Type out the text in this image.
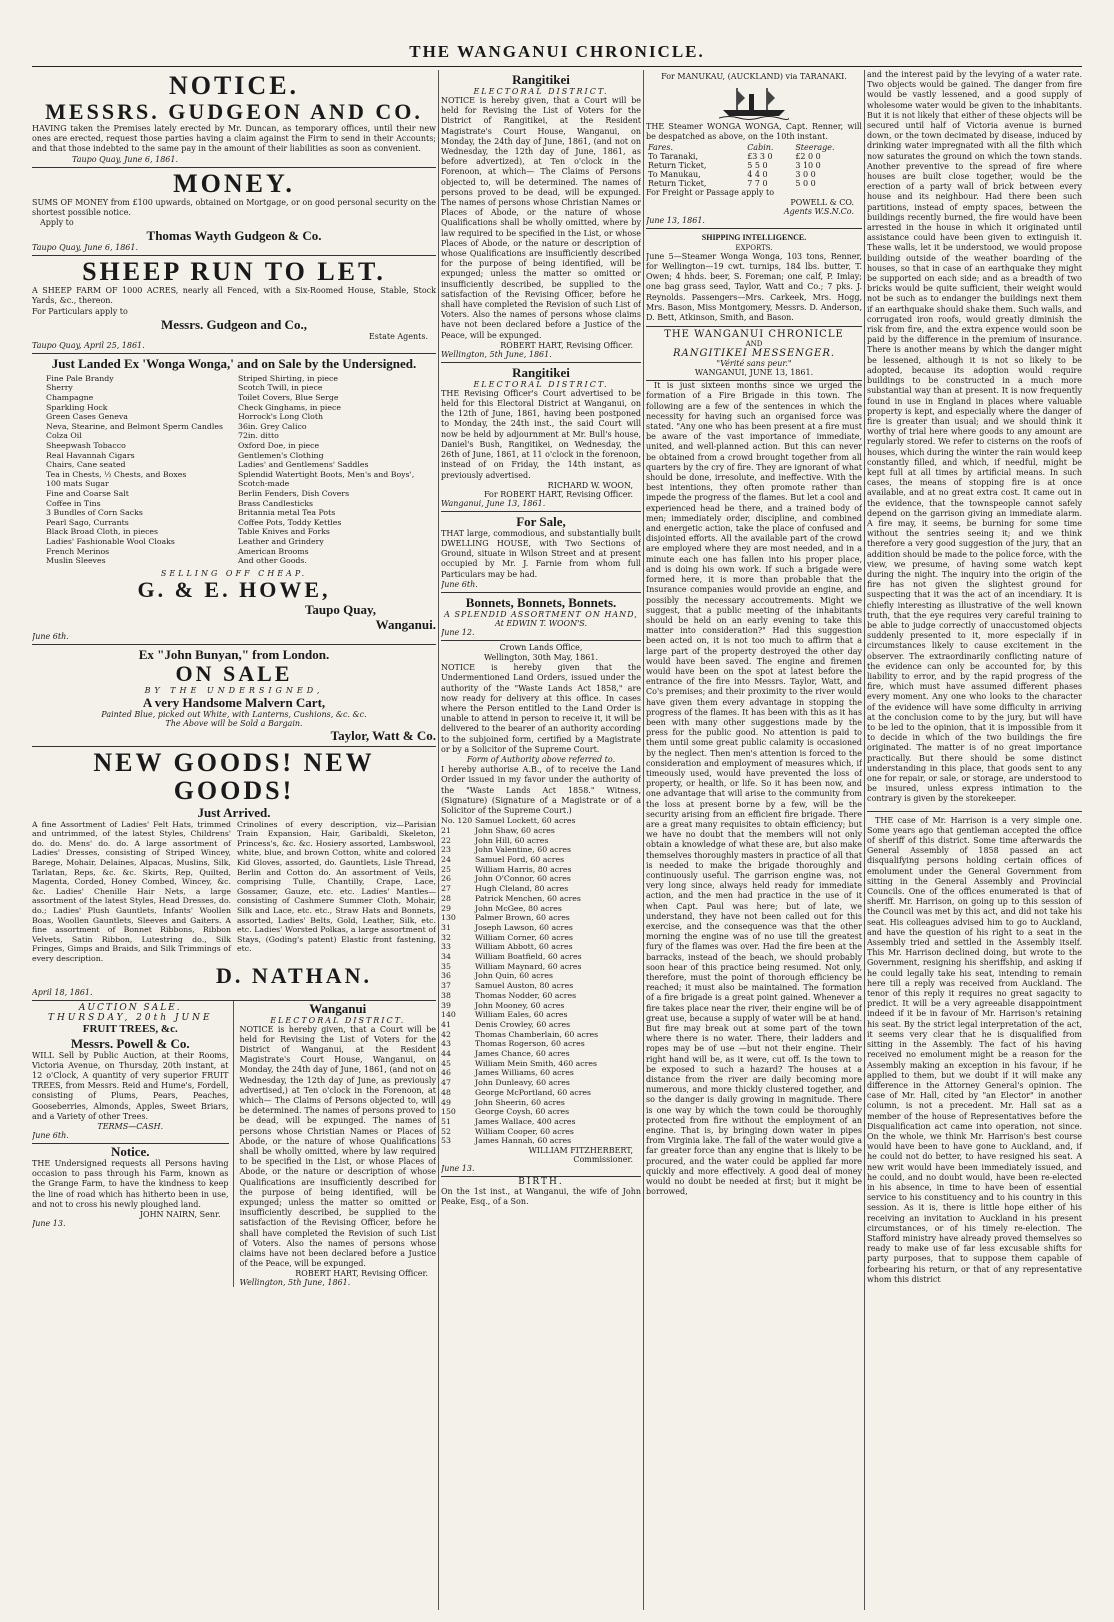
THE WANGANUI CHRONICLE.
NOTICE.
MESSRS. GUDGEON AND CO.
HAVING taken the Premises lately erected by Mr. Duncan, as temporary offices, until their new ones are erected, request those parties having a claim against the Firm to send in their Accounts; and that those indebted to the same pay in the amount of their liabilities as soon as convenient.
Taupo Quay, June 6, 1861.
MONEY.
SUMS OF MONEY from £100 upwards, obtained on Mortgage, or on good personal security on the shortest possible notice.
Apply to
Thomas Wayth Gudgeon & Co.
Taupo Quay, June 6, 1861.
SHEEP RUN TO LET.
A SHEEP FARM OF 1000 ACRES, nearly all Fenced, with a Six-Roomed House, Stable, Stock Yards, &c., thereon.
For Particulars apply to
Messrs. Gudgeon and Co.,
Estate Agents.
Taupo Quay, April 25, 1861.
Just Landed Ex 'Wonga Wonga,' and on Sale by the Undersigned.
Fine Pale Brandy
Sherry
Champagne
Sparkling Hock
Green Cases Geneva
Neva, Stearine, and Belmont Sperm Candles
Colza Oil
Sheepwash Tobacco
Real Havannah Cigars
Chairs, Cane seated
Tea in Chests, ½ Chests, and Boxes
100 mats Sugar
Fine and Coarse Salt
Coffee in Tins
3 Bundles of Corn Sacks
Pearl Sago, Currants
Black Broad Cloth, in pieces
Ladies' Fashionable Wool Cloaks
French Merinos
Muslin Sleeves
Striped Shirting, in piece
Scotch Twill, in piece
Toilet Covers, Blue Serge
Check Ginghams, in piece
Horrock's Long Cloth
36in. Grey Calico
72in. ditto
Oxford Doe, in piece
Gentlemen's Clothing
Ladies' and Gentlemens' Saddles
Splendid Watertight Boots, Men's and Boys', Scotch-made
Berlin Fenders, Dish Covers
Brass Candlesticks
Britannia metal Tea Pots
Coffee Pots, Toddy Kettles
Table Knives and Forks
Leather and Grindery
American Brooms
And other Goods.
SELLING OFF CHEAP.
G. & E. HOWE,
Taupo Quay,
Wanganui.
June 6th.
Ex "John Bunyan," from London.
ON SALE
BY THE UNDERSIGNED,
A very Handsome Malvern Cart,
Painted Blue, picked out White, with Lanterns, Cushions, &c. &c.
The Above will be Sold a Bargain.
Taylor, Watt & Co.
NEW GOODS! NEW GOODS!
Just Arrived.
A fine Assortment of Ladies' Felt Hats, trimmed and untrimmed, of the latest Styles, Childrens' do. do. Mens' do. do. A large assortment of Ladies' Dresses, consisting of Striped Wincey, Barege, Mohair, Delaines, Alpacas, Muslins, Silk, Tarlatan, Reps, &c. &c. Skirts, Rep, Quilted, Magenta, Corded, Honey Combed, Wincey, &c. &c. Ladies' Chenille Hair Nets, a large assortment of the latest Styles, Head Dresses, do. do.; Ladies' Plush Gauntlets, Infants' Woollen Boas, Woollen Gauntlets, Sleeves and Gaiters. A fine assortment of Bonnet Ribbons, Ribbon Velvets, Satin Ribbon, Lutestring do., Silk Fringes, Gimps and Braids, and Silk Trimmings of every description.
Crinolines of every description, viz—Parisian Train Expansion, Hair, Garibaldi, Skeleton, Princess's, &c. &c. Hosiery assorted, Lambswool, white, blue, and brown Cotton, white and colored Kid Gloves, assorted, do. Gauntlets, Lisle Thread, Berlin and Cotton do. An assortment of Veils, comprising Tulle, Chantilly, Crape, Lace, Gossamer, Gauze, etc. etc. Ladies' Mantles—consisting of Cashmere Summer Cloth, Mohair, Silk and Lace, etc. etc., Straw Hats and Bonnets, assorted, Ladies' Belts, Gold, Leather, Silk, etc. etc. Ladies' Worsted Polkas, a large assortment of Stays, (Goding's patent) Elastic front fastening, etc.
D. NATHAN.
April 18, 1861.
AUCTION SALE.
THURSDAY, 20th JUNE
FRUIT TREES, &c.
Messrs. Powell & Co.
WILL Sell by Public Auction, at their Rooms, Victoria Avenue, on Thursday, 20th instant, at 12 o'Clock, A quantity of very superior FRUIT TREES, from Messrs. Reid and Hume's, Fordell, consisting of Plums, Pears, Peaches, Gooseberries, Almonds, Apples, Sweet Briars, and a Variety of other Trees.
TERMS—CASH.
June 6th.
Notice.
THE Undersigned requests all Persons having occasion to pass through his Farm, known as the Grange Farm, to have the kindness to keep the line of road which has hitherto been in use, and not to cross his newly ploughed land.
JOHN NAIRN, Senr.
June 13.
Wanganui
ELECTORAL DISTRICT.
NOTICE is hereby given, that a Court will be held for Revising the List of Voters for the District of Wanganui, at the Resident Magistrate's Court House, Wanganui, on Monday, the 24th day of June, 1861, (and not on Wednesday, the 12th day of June, as previously advertised,) at Ten o'clock in the Forenoon, at which— The Claims of Persons objected to, will be determined. The names of persons proved to be dead, will be expunged. The names of persons whose Christian Names or Places of Abode, or the nature of whose Qualifications shall be wholly omitted, where by law required to be specified in the List, or whose Places of Abode, or the nature or description of whose Qualifications are insufficiently described for the purpose of being identified, will be expunged; unless the matter so omitted or insufficiently described, be supplied to the satisfaction of the Revising Officer, before he shall have completed the Revision of such List of Voters. Also the names of persons whose claims have not been declared before a Justice of the Peace, will be expunged.
ROBERT HART, Revising Officer.
Wellington, 5th June, 1861.
Rangitikei
ELECTORAL DISTRICT.
NOTICE is hereby given, that a Court will be held for Revising the List of Voters for the District of Rangitikei, at the Resident Magistrate's Court House, Wanganui, on Monday, the 24th day of June, 1861, (and not on Wednesday, the 12th day of June, 1861, as before advertized), at Ten o'clock in the Forenoon, at which— The Claims of Persons objected to, will be determined. The names of persons proved to be dead, will be expunged. The names of persons whose Christian Names or Places of Abode, or the nature of whose Qualifications shall be wholly omitted, where by law required to be specified in the List, or whose Places of Abode, or the nature or description of whose Qualifications are insufficiently described for the purpose of being identified, will be expunged; unless the matter so omitted or insufficiently described, be supplied to the satisfaction of the Revising Officer, before he shall have completed the Revision of such List of Voters. Also the names of persons whose claims have not been declared before a Justice of the Peace, will be expunged.
ROBERT HART, Revising Officer.
Wellington, 5th June, 1861.
Rangitikei
ELECTORAL DISTRICT.
THE Revising Officer's Court advertised to be held for this Electoral District at Wanganui, on the 12th of June, 1861, having been postponed to Monday, the 24th inst., the said Court will now be held by adjournment at Mr. Bull's house, Daniel's Bush, Rangitikei, on Wednesday, the 26th of June, 1861, at 11 o'clock in the forenoon, instead of on Friday, the 14th instant, as previously advertised.
RICHARD W. WOON,
For ROBERT HART, Revising Officer.
Wanganui, June 13, 1861.
For Sale,
THAT large, commodious, and substantially built DWELLING HOUSE, with Two Sections of Ground, situate in Wilson Street and at present occupied by Mr. J. Farnie from whom full Particulars may be had.
June 6th.
Bonnets, Bonnets, Bonnets.
A SPLENDID ASSORTMENT ON HAND,
At EDWIN T. WOON'S.
June 12.
Crown Lands Office,
Wellington, 30th May, 1861.
NOTICE is hereby given that the Undermentioned Land Orders, issued under the authority of the "Waste Lands Act 1858," are now ready for delivery at this office. In cases where the Person entitled to the Land Order is unable to attend in person to receive it, it will be delivered to the bearer of an authority according to the subjoined form, certified by a Magistrate or by a Solicitor of the Supreme Court.
Form of Authority above referred to.
I hereby authorise A.B., of to receive the Land Order issued in my favor under the authority of the "Waste Lands Act 1858." Witness, (Signature) (Signature of a Magistrate or of a Solicitor of the Supreme Court.)
No. 120 Samuel Lockett, 60 acres
21	John Shaw, 60 acres
22	John Hill, 60 acres
23	John Valentine, 60 acres
24	Samuel Ford, 60 acres
25	William Harris, 80 acres
26	John O'Connor, 60 acres
27	Hugh Cleland, 80 acres
28	Patrick Menchen, 60 acres
29	John McGee, 80 acres
130	Palmer Brown, 60 acres
31	Joseph Lawson, 60 acres
32	William Corner, 60 acres
33	William Abbott, 60 acres
34	William Boatfield, 60 acres
35	William Maynard, 60 acres
36	John Quin, 60 acres
37	Samuel Auston, 80 acres
38	Thomas Nodder, 60 acres
39	John Mooney, 60 acres
140	William Eales, 60 acres
41	Denis Crowley, 60 acres
42	Thomas Chamberlain, 60 acres
43	Thomas Rogerson, 60 acres
44	James Chance, 60 acres
45	William Mein Smith, 460 acres
46	James Williams, 60 acres
47	John Dunleavy, 60 acres
48	George McPortland, 60 acres
49	John Sheerin, 60 acres
150	George Coysh, 60 acres
51	James Wallace, 400 acres
52	William Cooper, 60 acres
53	James Hannah, 60 acres
WILLIAM FITZHERBERT,
Commissioner.
June 13.
BIRTH.
On the 1st inst., at Wanganui, the wife of John Peake, Esq., of a Son.
For MANUKAU, (AUCKLAND) via TARANAKI.
THE Steamer WONGA WONGA, Capt. Renner, will be despatched as above, on the 10th instant.
Fares.	Cabin.	Steerage.
To Taranaki,	£3 3 0	£2 0 0
Return Ticket,	5 5 0	3 10 0
To Manukau,	4 4 0	3 0 0
Return Ticket,	7 7 0	5 0 0
For Freight or Passage apply to
POWELL & CO.
Agents W.S.N.Co.
June 13, 1861.
SHIPPING INTELLIGENCE.
EXPORTS.
June 5—Steamer Wonga Wonga, 103 tons, Renner, for Wellington—19 cwt. turnips, 184 lbs. butter, T. Owen; 4 hhds. beer, S. Foreman; one calf, P. Imlay; one bag grass seed, Taylor, Watt and Co.; 7 pks. J. Reynolds. Passengers—Mrs. Carkeek, Mrs. Hogg, Mrs. Bason, Miss Montgomery, Messrs. D. Anderson, D. Bett, Atkinson, Smith, and Bason.
THE WANGANUI CHRONICLE
AND
RANGITIKEI MESSENGER.
"Vérité sans peur."
WANGANUI, JUNE 13, 1861.
It is just sixteen months since we urged the formation of a Fire Brigade in this town. The following are a few of the sentences in which the necessity for having such an organised force was stated. "Any one who has been present at a fire must be aware of the vast importance of immediate, united, and well-planned action. But this can never be obtained from a crowd brought together from all quarters by the cry of fire. They are ignorant of what should be done, irresolute, and ineffective. With the best intentions, they often promote rather than impede the progress of the flames. But let a cool and experienced head be there, and a trained body of men; immediately order, discipline, and combined and energetic action, take the place of confused and disjointed efforts. All the available part of the crowd are employed where they are most needed, and in a minute each one has fallen into his proper place, and is doing his own work. If such a brigade were formed here, it is more than probable that the Insurance companies would provide an engine, and possibly the necessary accoutrements. Might we suggest, that a public meeting of the inhabitants should be held on an early evening to take this matter into consideration?" Had this suggestion been acted on, it is not too much to affirm that a large part of the property destroyed the other day would have been saved. The engine and firemen would have been on the spot at latest before the entrance of the fire into Messrs. Taylor, Watt, and Co's premises; and their proximity to the river would have given them every advantage in stopping the progress of the flames. It has been with this as it has been with many other suggestions made by the press for the public good. No attention is paid to them until some great public calamity is occasioned by the neglect. Then men's attention is forced to the consideration and employment of measures which, if timeously used, would have prevented the loss of property, or health, or life. So it has been now, and one advantage that will arise to the community from the loss at present borne by a few, will be the security arising from an efficient fire brigade. There are a great many requisites to obtain efficiency; but we have no doubt that the members will not only obtain a knowledge of what these are, but also make themselves thoroughly masters in practice of all that is needed to make the brigade thoroughly and continuously useful. The garrison engine was, not very long since, always held ready for immediate action, and the men had practice in the use of it when Capt. Paul was here; but of late, we understand, they have not been called out for this exercise, and the consequence was that the other morning the engine was of no use till the greatest fury of the flames was over. Had the fire been at the barracks, instead of the beach, we should probably soon hear of this practice being resumed. Not only, therefore, must the point of thorough efficiency be reached; it must also be maintained. The formation of a fire brigade is a great point gained. Whenever a fire takes place near the river, their engine will be of great use, because a supply of water will be at hand. But fire may break out at some part of the town where there is no water. There, their ladders and ropes may be of use —but not their engine. Their right hand will be, as it were, cut off. Is the town to be exposed to such a hazard? The houses at a distance from the river are daily becoming more numerous, and more thickly clustered together, and so the danger is daily growing in magnitude. There is one way by which the town could be thoroughly protected from fire without the employment of an engine. That is, by bringing down water in pipes from Virginia lake. The fall of the water would give a far greater force than any engine that is likely to be procured, and the water could be applied far more quickly and more effectively. A good deal of money would no doubt be needed at first; but it might be borrowed,
and the interest paid by the levying of a water rate. Two objects would be gained. The danger from fire would be vastly lessened, and a good supply of wholesome water would be given to the inhabitants. But it is not likely that either of these objects will be secured until half of Victoria avenue is burned down, or the town decimated by disease, induced by drinking water impregnated with all the filth which now saturates the ground on which the town stands. Another preventive to the spread of fire where houses are built close together, would be the erection of a party wall of brick between every house and its neighbour. Had there been such partitions, instead of empty spaces, between the buildings recently burned, the fire would have been arrested in the house in which it originated until assistance could have been given to extinguish it. These walls, let it be understood, we would propose building outside of the weather boarding of the houses, so that in case of an earthquake they might be supported on each side; and as a breadth of two bricks would be quite sufficient, their weight would not be such as to endanger the buildings next them if an earthquake should shake them. Such walls, and corrugated iron roofs, would greatly diminish the risk from fire, and the extra expence would soon be paid by the difference in the premium of insurance. There is another means by which the danger might be lessened, although it is not so likely to be adopted, because its adoption would require buildings to be constructed in a much more substantial way than at present. It is now frequently found in use in England in places where valuable property is kept, and especially where the danger of fire is greater than usual; and we should think it worthy of trial here where goods to any amount are regularly stored. We refer to cisterns on the roofs of houses, which during the winter the rain would keep constantly filled, and which, if needful, might be kept full at all times by artificial means. In such cases, the means of stopping fire is at once available, and at no great extra cost. It came out in the evidence, that the townspeople cannot safely depend on the garrison giving an immediate alarm. A fire may, it seems, be burning for some time without the sentries seeing it; and we think therefore a very good suggestion of the jury, that an addition should be made to the police force, with the view, we presume, of having some watch kept during the night. The inquiry into the origin of the fire has not given the slightest ground for suspecting that it was the act of an incendiary. It is chiefly interesting as illustrative of the well known truth, that the eye requires very careful training to be able to judge correctly of unaccustomed objects suddenly presented to it, more especially if in circumstances likely to cause excitement in the observer. The extraordinarily conflicting nature of the evidence can only be accounted for, by this liability to error, and by the rapid progress of the fire, which must have assumed different phases every moment. Any one who looks to the character of the evidence will have some difficulty in arriving at the conclusion come to by the jury, but will have to be led to the opinion, that it is impossible from it to decide in which of the two buildings the fire originated. The matter is of no great importance practically. But there should be some distinct understanding in this place, that goods sent to any one for repair, or sale, or storage, are understood to be insured, unless express intimation to the contrary is given by the storekeeper.
THE case of Mr. Harrison is a very simple one. Some years ago that gentleman accepted the office of sheriff of this district. Some time afterwards the General Assembly of 1858 passed an act disqualifying persons holding certain offices of emolument under the General Government from sitting in the General Assembly and Provincial Councils. One of the offices enumerated is that of sheriff. Mr. Harrison, on going up to this session of the Council was met by this act, and did not take his seat. His colleagues advised him to go to Auckland, and have the question of his right to a seat in the Assembly tried and settled in the Assembly itself. This Mr. Harrison declined doing, but wrote to the Government, resigning his sheriffship, and asking if he could legally take his seat, intending to remain here till a reply was received from Auckland. The tenor of this reply it requires no great sagacity to predict. It will be a very agreeable disappointment indeed if it be in favour of Mr. Harrison's retaining his seat. By the strict legal interpretation of the act, it seems very clear that he is disqualified from sitting in the Assembly. The fact of his having received no emolument might be a reason for the Assembly making an exception in his favour, if he applied to them, but we doubt if it will make any difference in the Attorney General's opinion. The case of Mr. Hall, cited by "an Elector" in another column, is not a precedent. Mr. Hall sat as a member of the house of Representatives before the Disqualification act came into operation, not since. On the whole, we think Mr. Harrison's best course would have been to have gone to Auckland, and, if he could not do better, to have resigned his seat. A new writ would have been immediately issued, and he could, and no doubt would, have been re-elected in his absence, in time to have been of essential service to his constituency and to his country in this session. As it is, there is little hope either of his receiving an invitation to Auckland in his present circumstances, or of his timely re-election. The Stafford ministry have already proved themselves so ready to make use of far less excusable shifts for party purposes, that to suppose them capable of forbearing his return, or that of any representative whom this district
